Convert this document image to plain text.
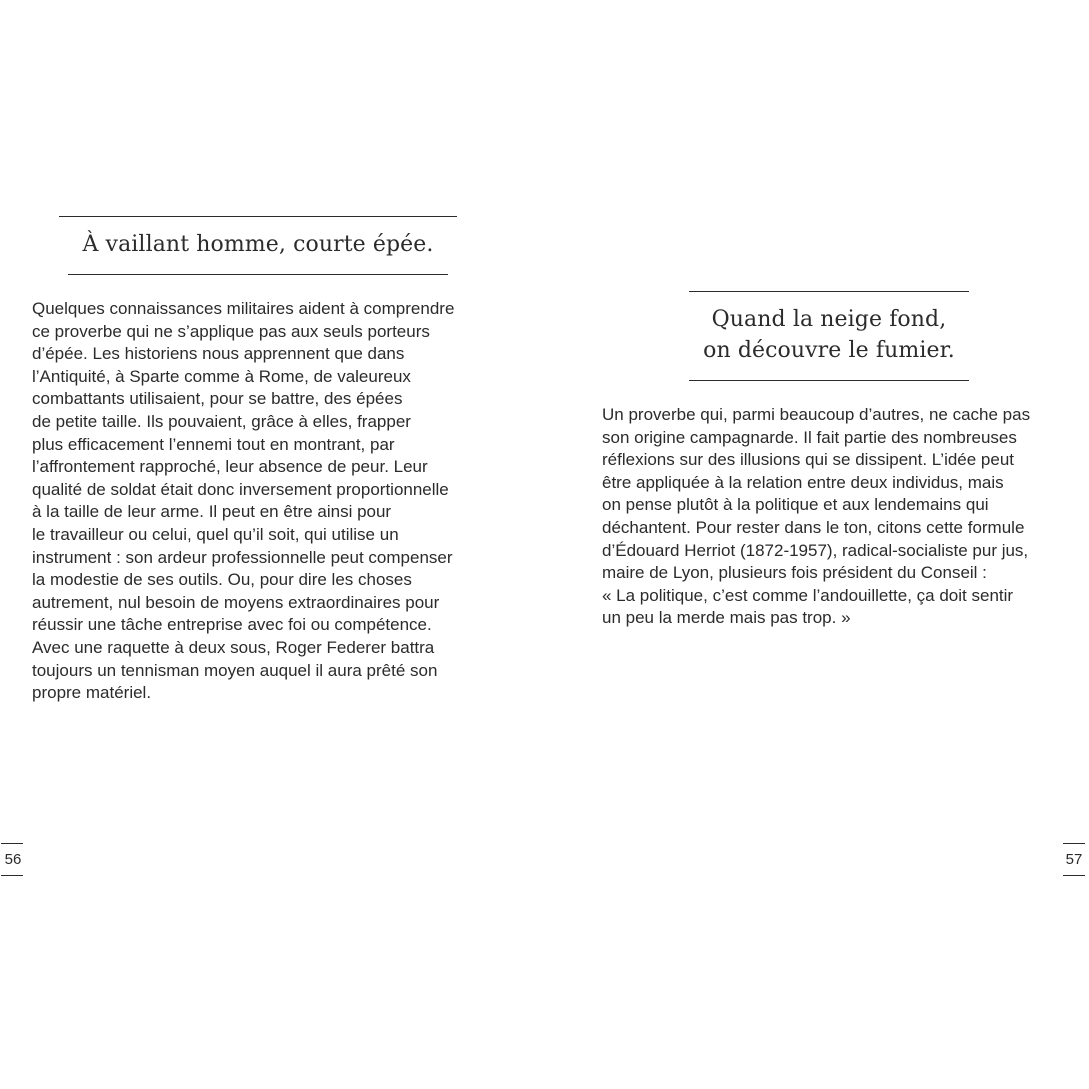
À vaillant homme, courte épée.
Quelques connaissances militaires aident à comprendre
ce proverbe qui ne s’applique pas aux seuls porteurs
d’épée. Les historiens nous apprennent que dans
l’Antiquité, à Sparte comme à Rome, de valeureux
combattants utilisaient, pour se battre, des épées
de petite taille. Ils pouvaient, grâce à elles, frapper
plus efficacement l’ennemi tout en montrant, par
l’affrontement rapproché, leur absence de peur. Leur
qualité de soldat était donc inversement proportionnelle
à la taille de leur arme. Il peut en être ainsi pour
le travailleur ou celui, quel qu’il soit, qui utilise un
instrument : son ardeur professionnelle peut compenser
la modestie de ses outils. Ou, pour dire les choses
autrement, nul besoin de moyens extraordinaires pour
réussir une tâche entreprise avec foi ou compétence.
Avec une raquette à deux sous, Roger Federer battra
toujours un tennisman moyen auquel il aura prêté son
propre matériel.
56
Quand la neige fond,
on découvre le fumier.
Un proverbe qui, parmi beaucoup d’autres, ne cache pas
son origine campagnarde. Il fait partie des nombreuses
réflexions sur des illusions qui se dissipent. L’idée peut
être appliquée à la relation entre deux individus, mais
on pense plutôt à la politique et aux lendemains qui
déchantent. Pour rester dans le ton, citons cette formule
d’Édouard Herriot (1872-1957), radical-socialiste pur jus,
maire de Lyon, plusieurs fois président du Conseil :
« La politique, c’est comme l’andouillette, ça doit sentir
un peu la merde mais pas trop. »
57
